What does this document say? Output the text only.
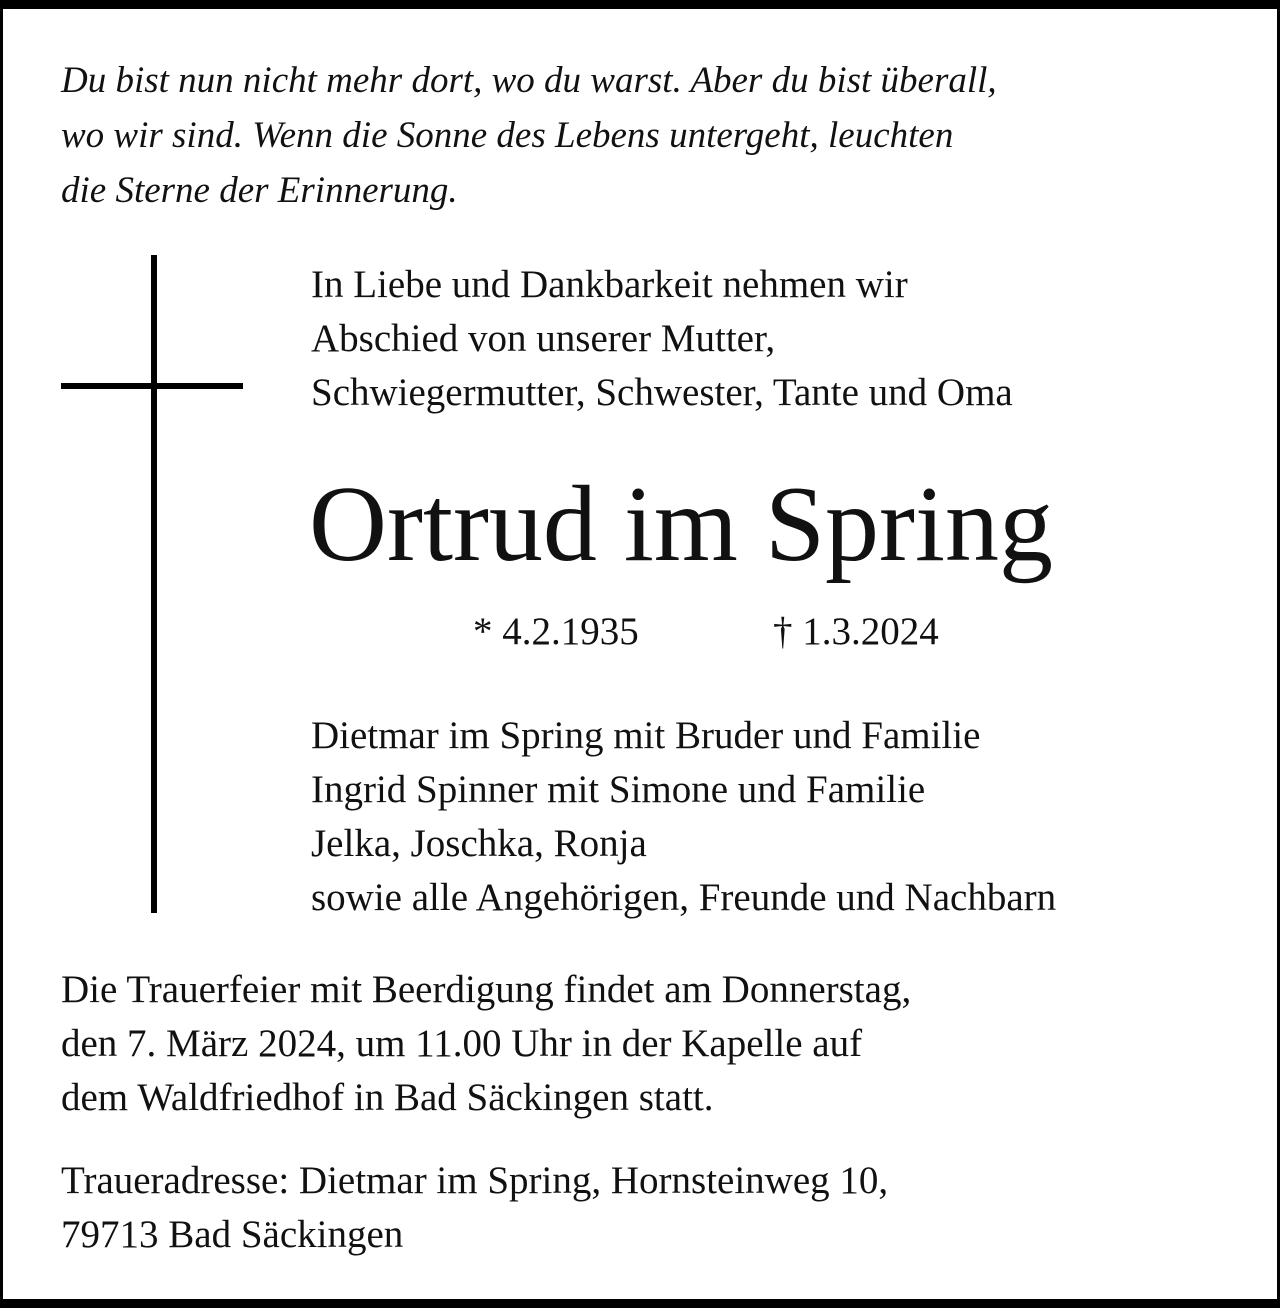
Du bist nun nicht mehr dort, wo du warst. Aber du bist überall,
wo wir sind. Wenn die Sonne des Lebens untergeht, leuchten
die Sterne der Erinnerung.
In Liebe und Dankbarkeit nehmen wir
Abschied von unserer Mutter,
Schwiegermutter, Schwester, Tante und Oma
Ortrud im Spring
* 4.2.1935	† 1.3.2024
Dietmar im Spring mit Bruder und Familie
Ingrid Spinner mit Simone und Familie
Jelka, Joschka, Ronja
sowie alle Angehörigen, Freunde und Nachbarn
Die Trauerfeier mit Beerdigung findet am Donnerstag,
den 7. März 2024, um 11.00 Uhr in der Kapelle auf
dem Waldfriedhof in Bad Säckingen statt.
Traueradresse: Dietmar im Spring, Hornsteinweg 10,
79713 Bad Säckingen
